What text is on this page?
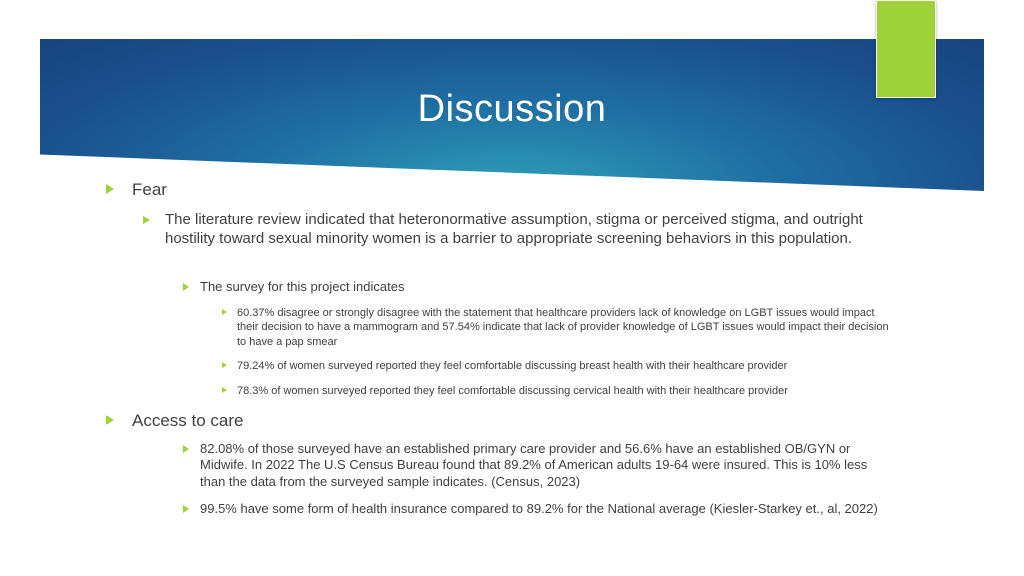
Discussion
Fear
The literature review indicated that heteronormative assumption, stigma or perceived stigma, and outright hostility toward sexual minority women is a barrier to appropriate screening behaviors in this population.
The survey for this project indicates
60.37% disagree or strongly disagree with the statement that healthcare providers lack of knowledge on LGBT issues would impact their decision to have a mammogram and 57.54% indicate that lack of provider knowledge of LGBT issues would impact their decision to have a pap smear
79.24% of women surveyed reported they feel comfortable discussing breast health with their healthcare provider
78.3% of women surveyed reported they feel comfortable discussing cervical health with their healthcare provider
Access to care
82.08% of those surveyed have an established primary care provider and 56.6% have an established OB/GYN or Midwife. In 2022 The U.S Census Bureau found that 89.2% of American adults 19-64 were insured. This is 10% less than the data from the surveyed sample indicates. (Census, 2023)
99.5% have some form of health insurance compared to 89.2% for the National average (Kiesler-Starkey et., al, 2022)
